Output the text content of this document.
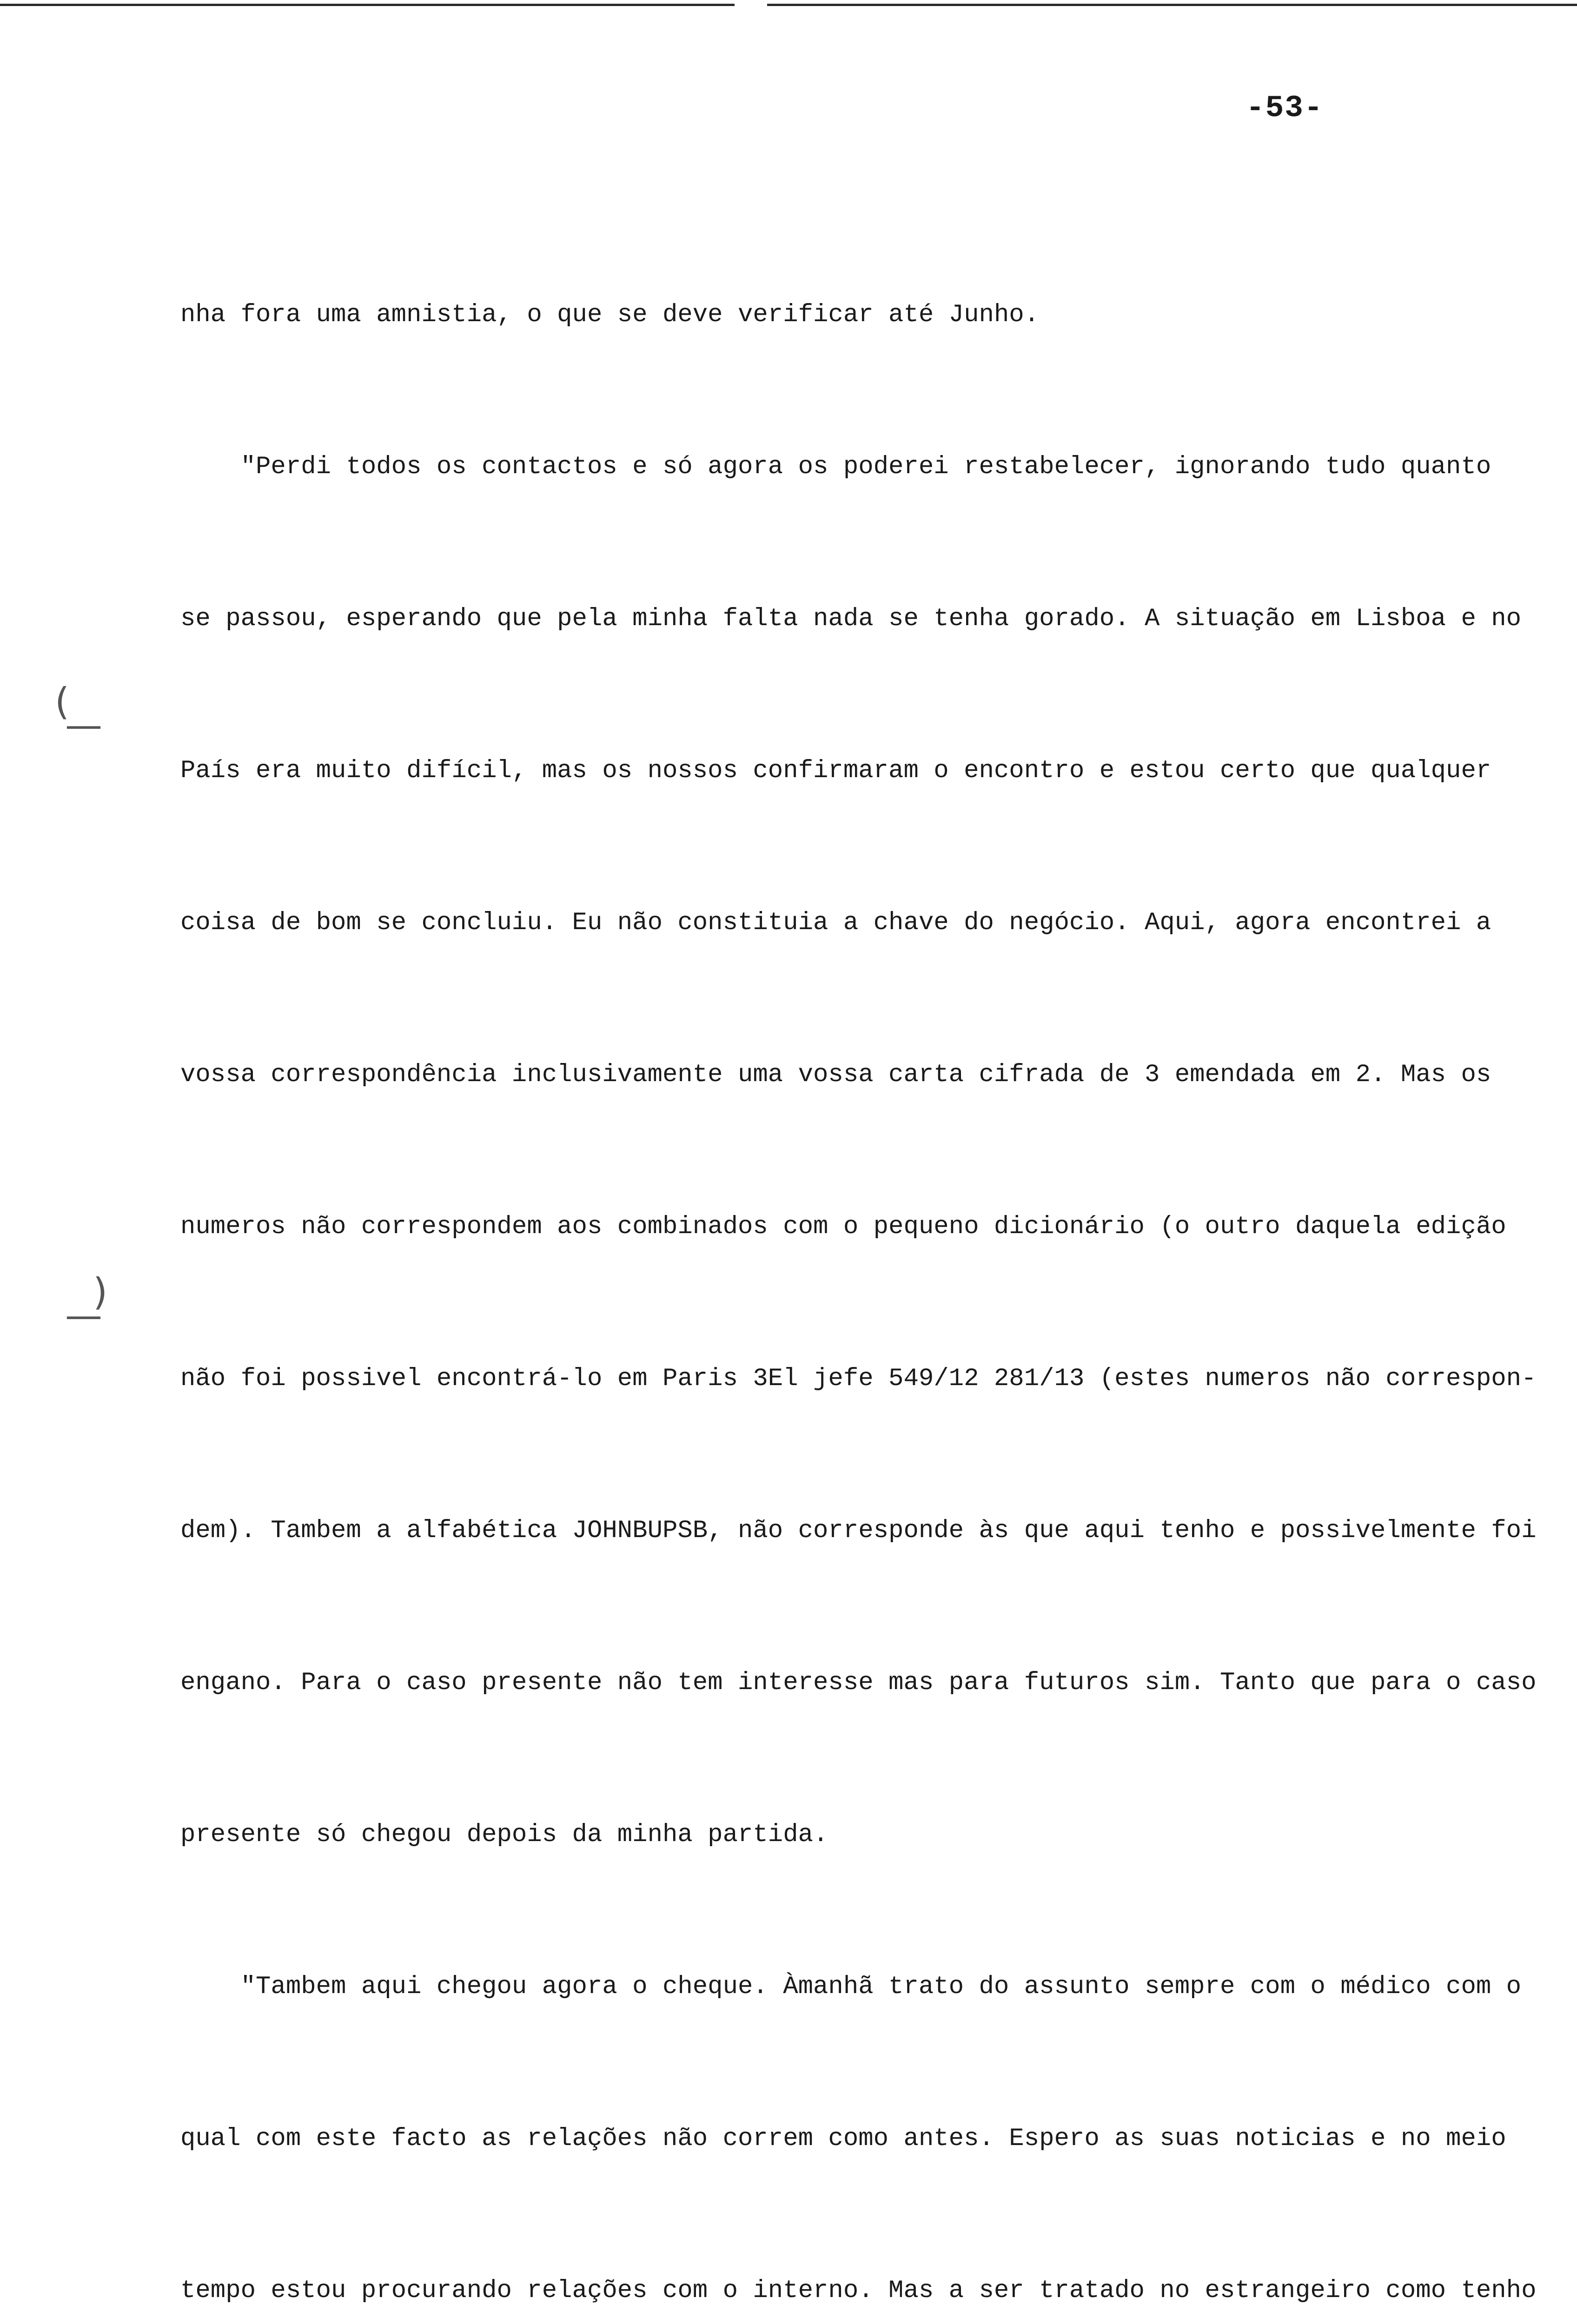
-53-
(
—
)
—

nha fora uma amnistia, o que se deve verificar até Junho.

"Perdi todos os contactos e só agora os poderei restabelecer, ignorando tudo quanto

se passou, esperando que pela minha falta nada se tenha gorado. A situação em Lisboa e no

País era muito difícil, mas os nossos confirmaram o encontro e estou certo que qualquer

coisa de bom se concluiu. Eu não constituia a chave do negócio. Aqui, agora encontrei a

vossa correspondência inclusivamente uma vossa carta cifrada de 3 emendada em 2. Mas os

numeros não correspondem aos combinados com o pequeno dicionário (o outro daquela edição

não foi possivel encontrá-lo em Paris 3El jefe 549/12 281/13 (estes numeros não correspon-

dem). Tambem a alfabética JOHNBUPSB, não corresponde às que aqui tenho e possivelmente foi

engano. Para o caso presente não tem interesse mas para futuros sim. Tanto que para o caso

presente só chegou depois da minha partida.

"Tambem aqui chegou agora o cheque. Àmanhã trato do assunto sempre com o médico com o

qual com este facto as relações não correm como antes. Espero as suas noticias e no meio

tempo estou procurando relações com o interno. Mas a ser tratado no estrangeiro como tenho
